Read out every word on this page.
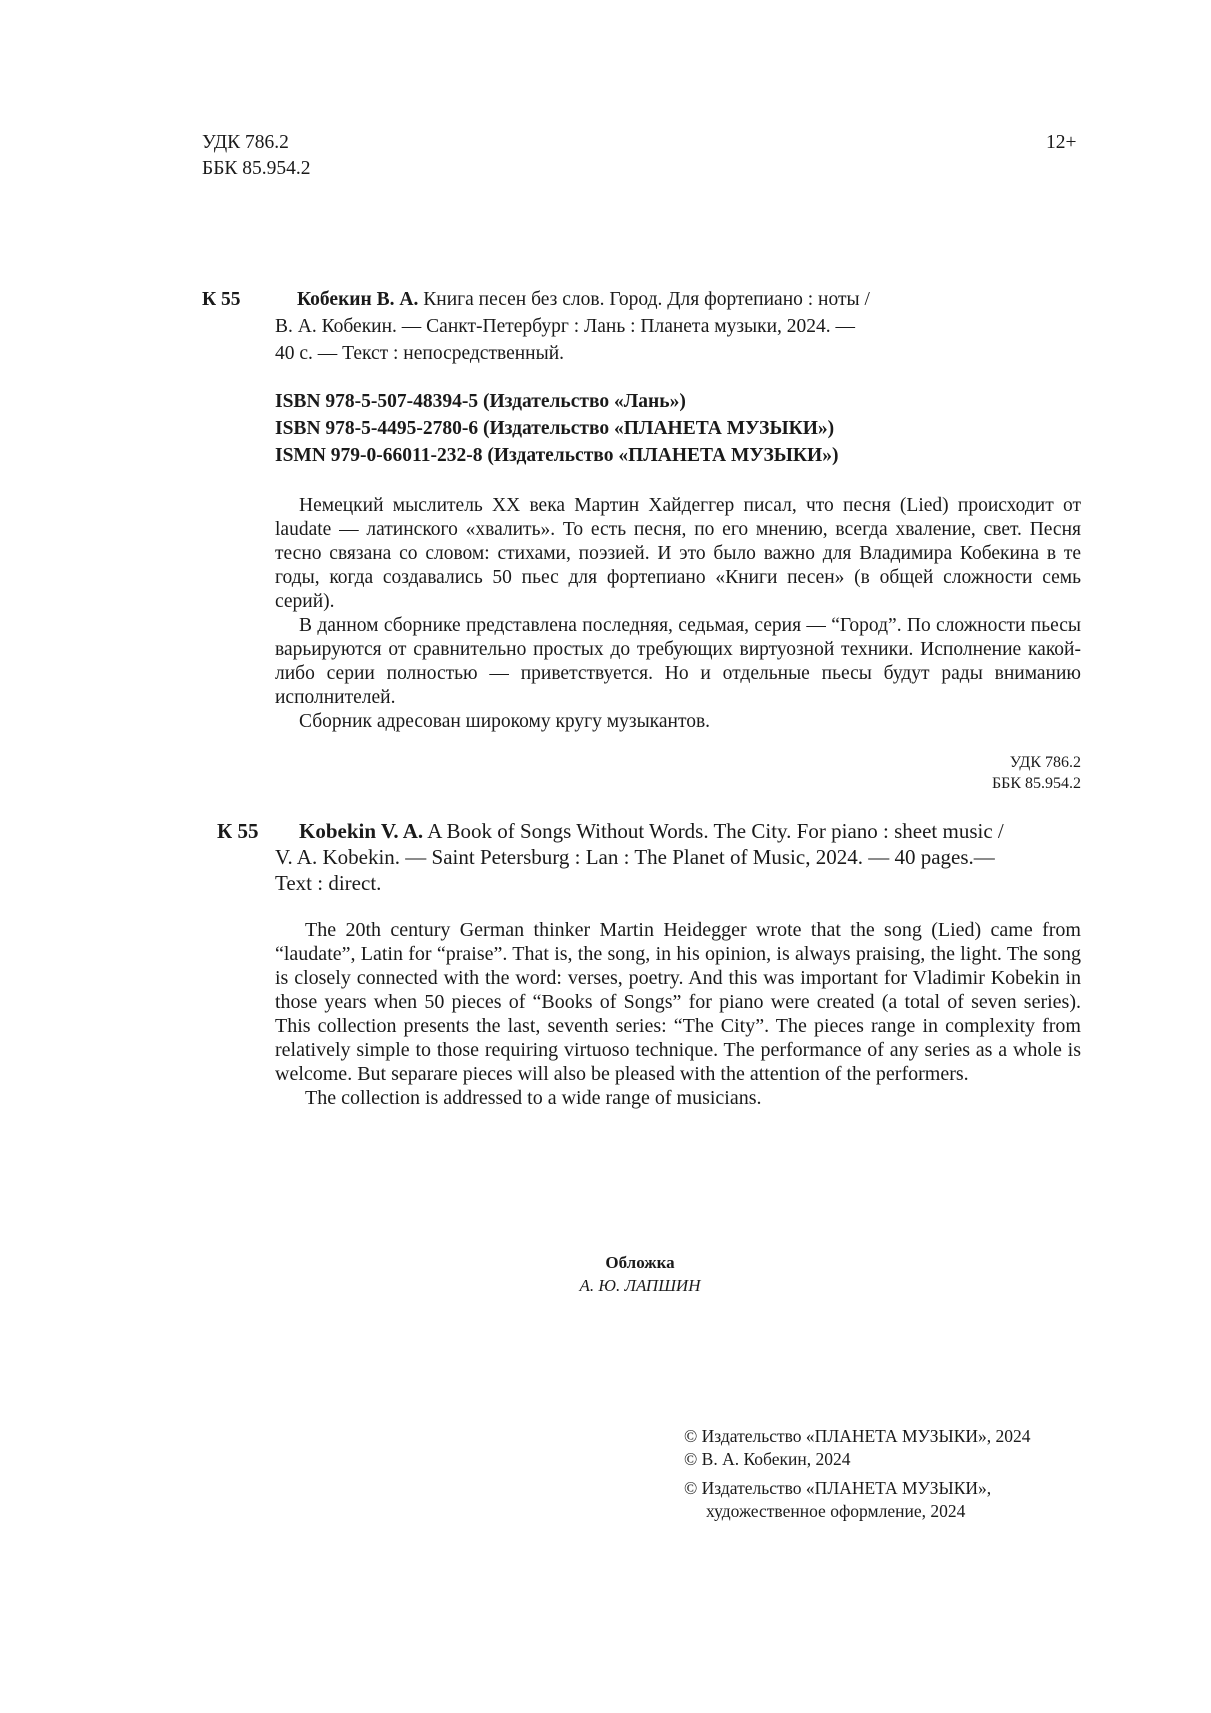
УДК 786.2
ББК 85.954.2
12+
К 55	Кобекин В. А. Книга песен без слов. Город. Для фортепиано : ноты /
В. А. Кобекин. — Санкт-Петербург : Лань : Планета музыки, 2024. —
40 с. — Текст : непосредственный.
ISBN 978-5-507-48394-5 (Издательство «Лань»)
ISBN 978-5-4495-2780-6 (Издательство «ПЛАНЕТА МУЗЫКИ»)
ISMN 979-0-66011-232-8 (Издательство «ПЛАНЕТА МУЗЫКИ»)

Немецкий мыслитель ХХ века Мартин Хайдеггер писал, что песня (Lied) происходит от laudate — латинского «хвалить». То есть песня, по его мнению, всегда хваление, свет. Песня тесно связана со словом: стихами, поэзией. И это было важно для Владимира Кобекина в те годы, когда создавались 50 пьес для фортепиано «Книги песен» (в общей сложности семь серий).

В данном сборнике представлена последняя, седьмая, серия — “Город”. По сложности пьесы варьируются от сравнительно простых до требующих виртуозной техники. Исполнение какой-либо серии полностью — приветствуется. Но и отдельные пьесы будут рады вниманию исполнителей.

Сборник адресован широкому кругу музыкантов.

УДК 786.2
ББК 85.954.2
К 55	Kobekin V. A. A Book of Songs Without Words. The City. For piano : sheet music /
V. A. Kobekin. — Saint Petersburg : Lan : The Planet of Music, 2024. — 40 pages.—
Text : direct.

The 20th century German thinker Martin Heidegger wrote that the song (Lied) came from “laudate”, Latin for “praise”. That is, the song, in his opinion, is always praising, the light. The song is closely connected with the word: verses, poetry. And this was important for Vladimir Kobekin in those years when 50 pieces of “Books of Songs” for piano were created (a total of seven series). This collection presents the last, seventh series: “The City”. The pieces range in complexity from relatively simple to those requiring virtuoso technique. The performance of any series as a whole is welcome. But separare pieces will also be pleased with the attention of the performers.

The collection is addressed to a wide range of musicians.

Обложка
А. Ю. ЛАПШИН
© Издательство «ПЛАНЕТА МУЗЫКИ», 2024
© В. А. Кобекин, 2024
© Издательство «ПЛАНЕТА МУЗЫКИ»,
художественное оформление, 2024
